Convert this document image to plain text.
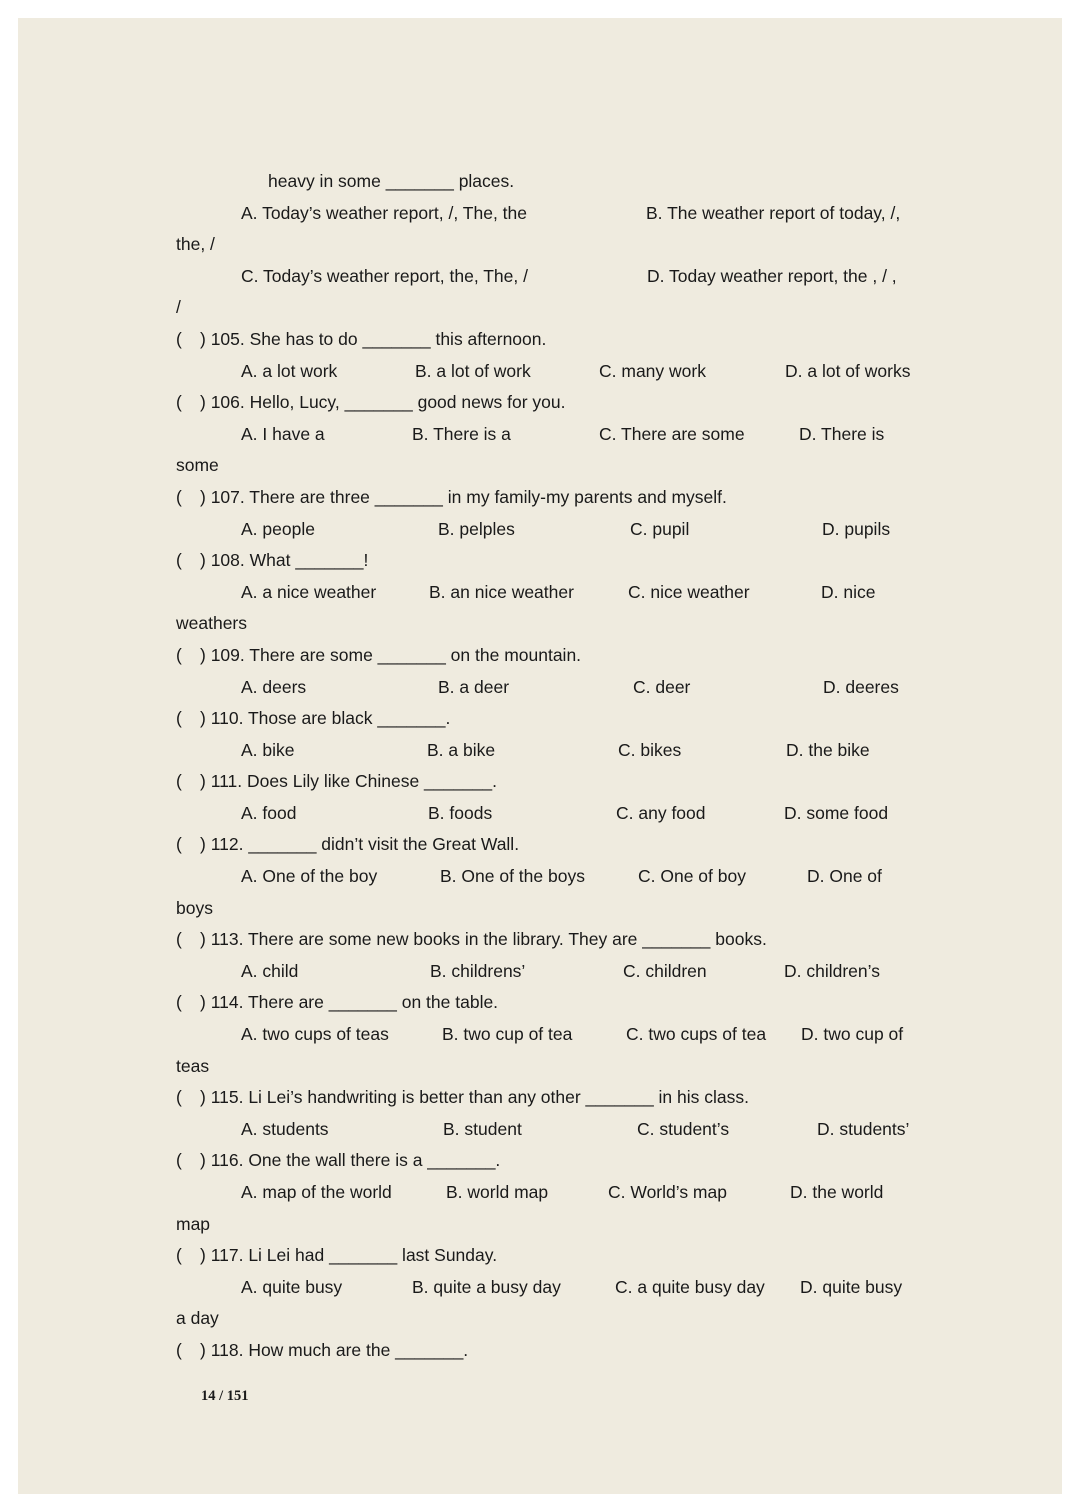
heavy in some _______ places.
A. Today’s weather report, /, The, the	B. The weather report of today, /,
the, /
C. Today’s weather report, the, The, /	D. Today weather report, the , / ,
/
( ) 105. She has to do _______ this afternoon.
A. a lot work	B. a lot of work	C. many work	D. a lot of works
( ) 106. Hello, Lucy, _______ good news for you.
A. I have a	B. There is a	C. There are some	D. There is
some
( ) 107. There are three _______ in my family-my parents and myself.
A. people	B. pelples	C. pupil	D. pupils
( ) 108. What _______!
A. a nice weather	B. an nice weather	C. nice weather	D. nice
weathers
( ) 109. There are some _______ on the mountain.
A. deers	B. a deer	C. deer	D. deeres
( ) 110. Those are black _______.
A. bike	B. a bike	C. bikes	D. the bike
( ) 111. Does Lily like Chinese _______.
A. food	B. foods	C. any food	D. some food
( ) 112. _______ didn’t visit the Great Wall.
A. One of the boy	B. One of the boys	C. One of boy	D. One of
boys
( ) 113. There are some new books in the library. They are _______ books.
A. child	B. childrens’	C. children	D. children’s
( ) 114. There are _______ on the table.
A. two cups of teas	B. two cup of tea	C. two cups of tea D. two cup of
teas
( ) 115. Li Lei’s handwriting is better than any other _______ in his class.
A. students	B. student	C. student’s	D. students’
( ) 116. One the wall there is a _______.
A. map of the world	B. world map	C. World’s map	D. the world
map
( ) 117. Li Lei had _______ last Sunday.
A. quite busy	B. quite a busy day	C. a quite busy day D. quite busy
a day
( ) 118. How much are the _______.
14 / 151
